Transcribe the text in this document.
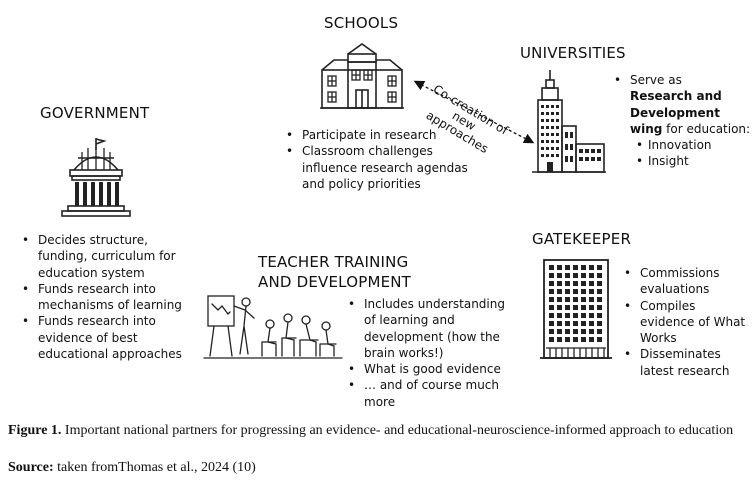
SCHOOLS
• Participate in research
• Classroom challenges influence research agendas and policy priorities
Co-creation of new approaches
UNIVERSITIES
• Serve as
Research and Development wing for education:
• Innovation
• Insight
GOVERNMENT
• Decides structure, funding, curriculum for education system
• Funds research into mechanisms of learning
• Funds research into evidence of best educational approaches
TEACHER TRAINING
AND DEVELOPMENT
• Includes understanding of learning and development (how the brain works!)
• What is good evidence
• … and of course much more
GATEKEEPER
• Commissions evaluations
• Compiles evidence of What Works
• Disseminates latest research
Figure 1. Important national partners for progressing an evidence- and educational-neuroscience-informed approach to education
Source: taken fromThomas et al., 2024 (10)
